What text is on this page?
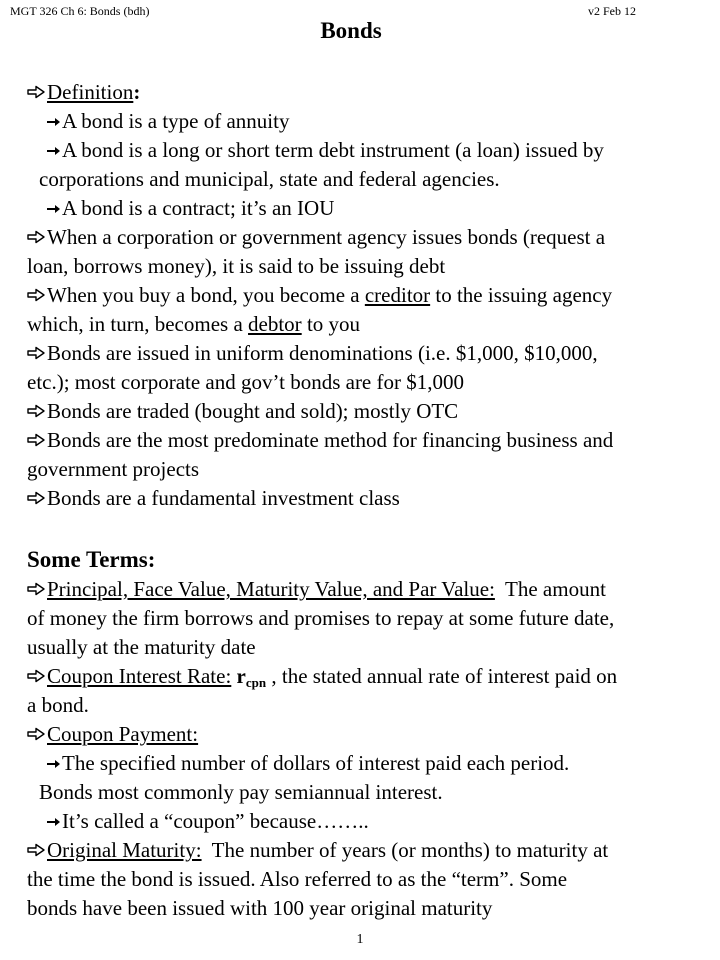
MGT 326 Ch 6: Bonds (bdh)	v2 Feb 12
Bonds
Definition:
A bond is a type of annuity
A bond is a long or short term debt instrument (a loan) issued by
corporations and municipal, state and federal agencies.
A bond is a contract; it’s an IOU
When a corporation or government agency issues bonds (request a
loan, borrows money), it is said to be issuing debt
When you buy a bond, you become a creditor to the issuing agency
which, in turn, becomes a debtor to you
Bonds are issued in uniform denominations (i.e. $1,000, $10,000,
etc.); most corporate and gov’t bonds are for $1,000
Bonds are traded (bought and sold); mostly OTC
Bonds are the most predominate method for financing business and
government projects
Bonds are a fundamental investment class
Some Terms:
Principal, Face Value, Maturity Value, and Par Value:  The amount
of money the firm borrows and promises to repay at some future date,
usually at the maturity date
Coupon Interest Rate: $r_{cpn}$ , the stated annual rate of interest paid on
a bond.
Coupon Payment:
The specified number of dollars of interest paid each period.
Bonds most commonly pay semiannual interest.
It’s called a “coupon” because……..
Original Maturity:  The number of years (or months) to maturity at
the time the bond is issued. Also referred to as the “term”. Some
bonds have been issued with 100 year original maturity
1
